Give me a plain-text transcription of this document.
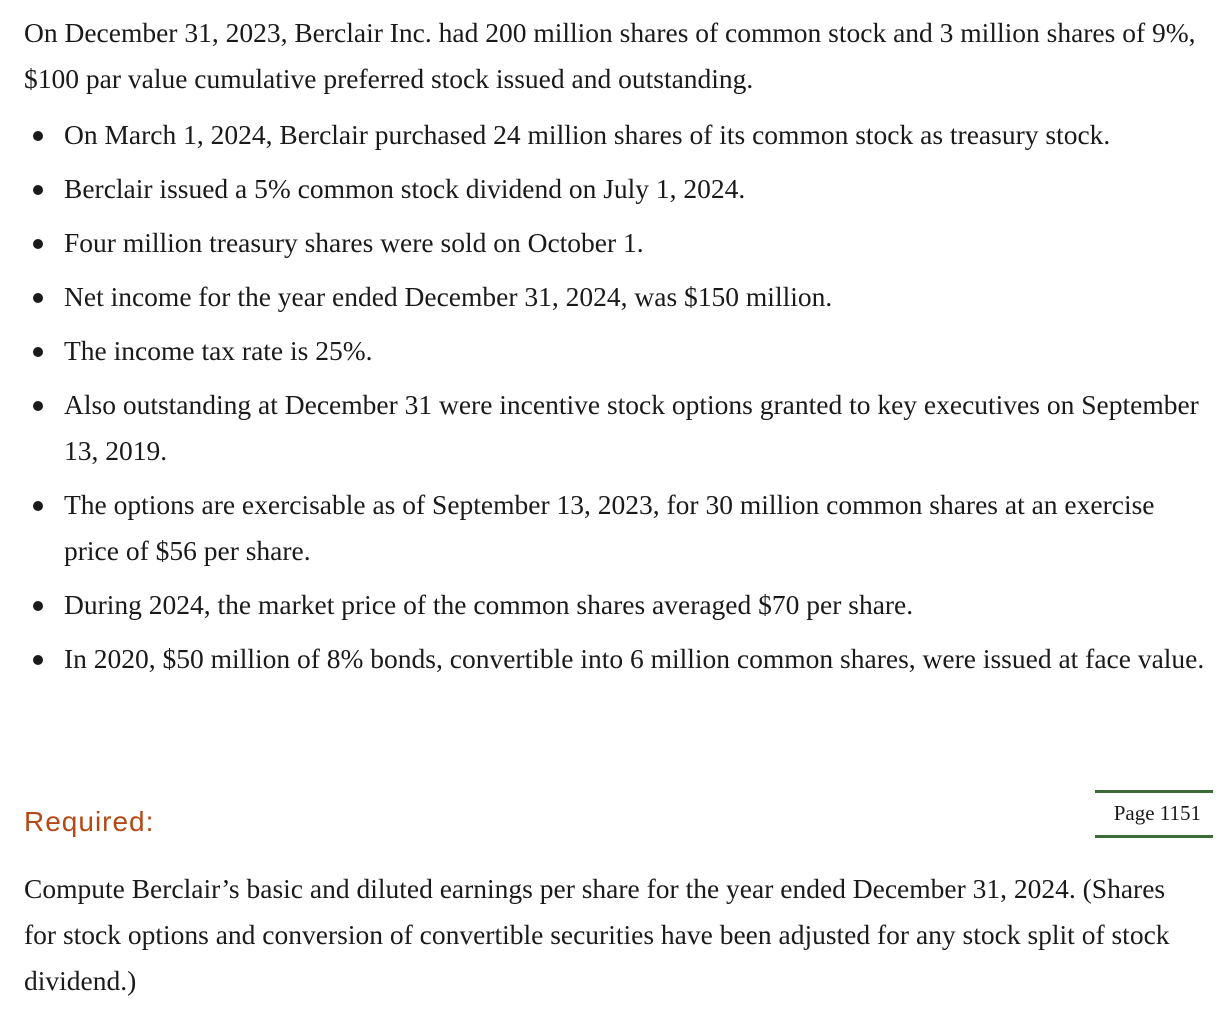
On December 31, 2023, Berclair Inc. had 200 million shares of common stock and 3 million shares of 9%, $100 par value cumulative preferred stock issued and outstanding.

On March 1, 2024, Berclair purchased 24 million shares of its common stock as treasury stock.
Berclair issued a 5% common stock dividend on July 1, 2024.
Four million treasury shares were sold on October 1.
Net income for the year ended December 31, 2024, was $150 million.
The income tax rate is 25%.
Also outstanding at December 31 were incentive stock options granted to key executives on September 13, 2019.
The options are exercisable as of September 13, 2023, for 30 million common shares at an exercise price of $56 per share.
During 2024, the market price of the common shares averaged $70 per share.
In 2020, $50 million of 8% bonds, convertible into 6 million common shares, were issued at face value.
Required:	Page 1151

Compute Berclair’s basic and diluted earnings per share for the year ended December 31, 2024. (Shares for stock options and conversion of convertible securities have been adjusted for any stock split of stock dividend.)
